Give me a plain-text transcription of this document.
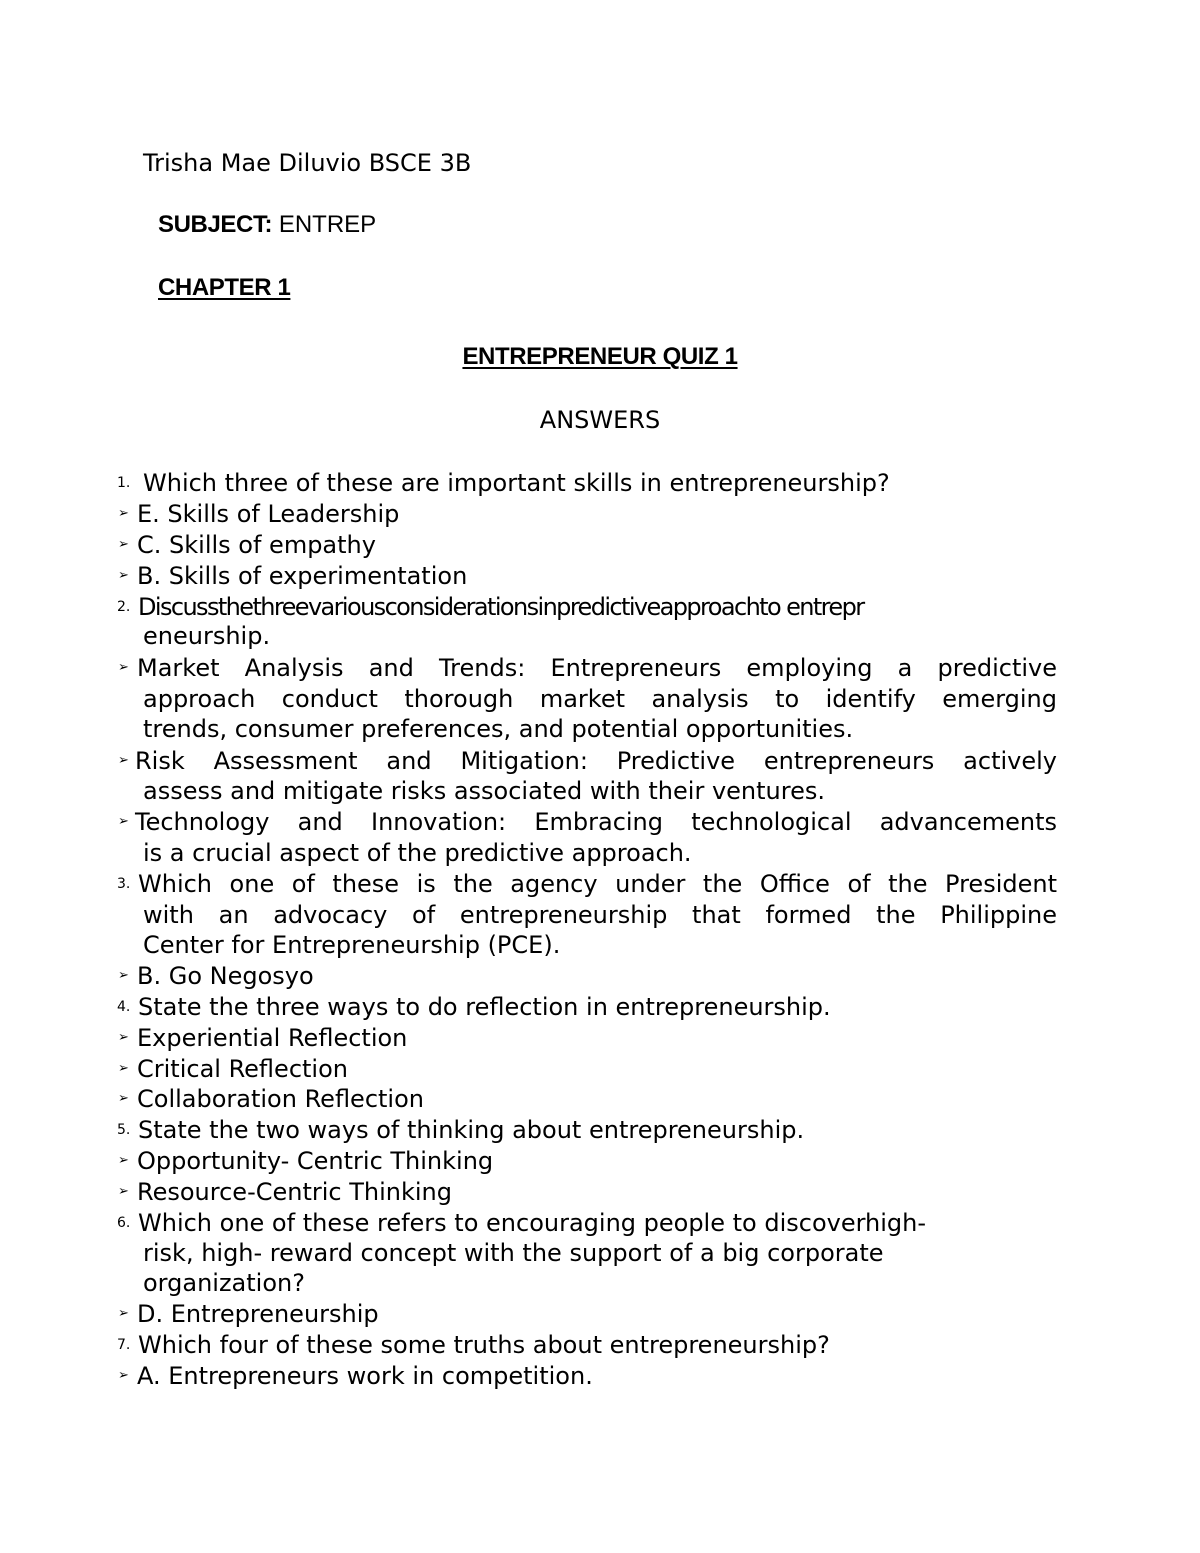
Trisha Mae Diluvio BSCE 3B
SUBJECT: ENTREP
CHAPTER 1
ENTREPRENEUR QUIZ 1
ANSWERS
1. Which three of these are important skills in entrepreneurship?
➢ E. Skills of Leadership
➢ C. Skills of empathy
➢ B. Skills of experimentation
2. Discussthethreevariousconsiderationsinpredictiveapproachto entrepr
eneurship.
➢ Market Analysis and Trends: Entrepreneurs employing a predictive
approach conduct thorough market analysis to identify emerging
trends, consumer preferences, and potential opportunities.
➢ Risk Assessment and Mitigation: Predictive entrepreneurs actively
assess and mitigate risks associated with their ventures.
➢ Technology and Innovation: Embracing technological advancements
is a crucial aspect of the predictive approach.
3. Which one of these is the agency under the Office of the President
with an advocacy of entrepreneurship that formed the Philippine
Center for Entrepreneurship (PCE).
➢ B. Go Negosyo
4. State the three ways to do reflection in entrepreneurship.
➢ Experiential Reflection
➢ Critical Reflection
➢ Collaboration Reflection
5. State the two ways of thinking about entrepreneurship.
➢ Opportunity- Centric Thinking
➢ Resource-Centric Thinking
6. Which one of these refers to encouraging people to discoverhigh-
risk, high- reward concept with the support of a big corporate
organization?
➢ D. Entrepreneurship
7. Which four of these some truths about entrepreneurship?
➢ A. Entrepreneurs work in competition.
